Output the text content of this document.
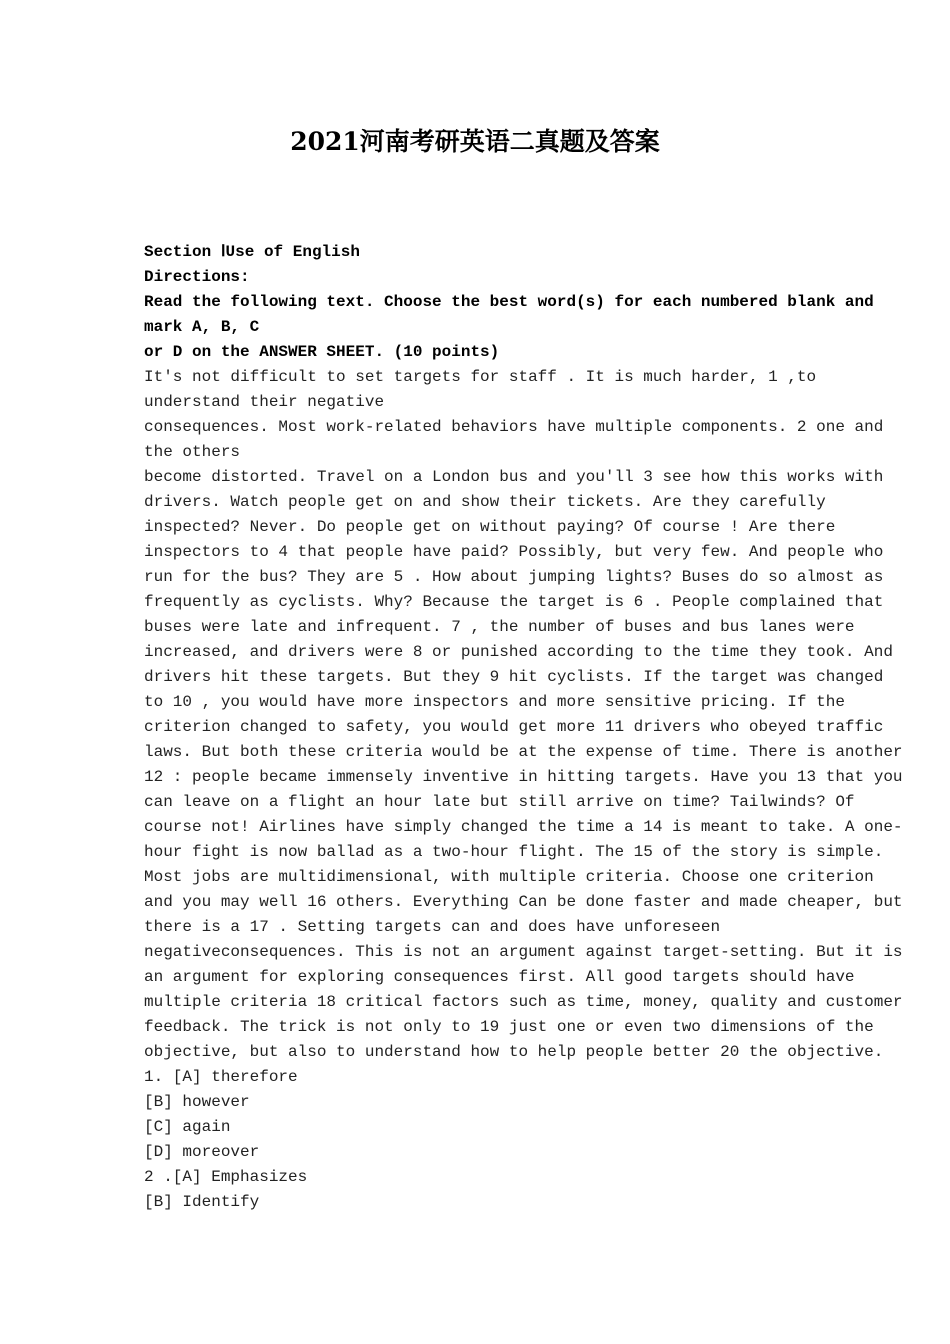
2021河南考研英语二真题及答案
Section ⅠUse of English
Directions:
Read the following text. Choose the best word(s) for each numbered blank and
mark A, B, C
or D on the ANSWER SHEET. (10 points)
It's not difficult to set targets for staff . It is much harder, 1 ,to
understand their negative
consequences. Most work-related behaviors have multiple components. 2 one and
the others
become distorted. Travel on a London bus and you'll 3 see how this works with
drivers. Watch people get on and show their tickets. Are they carefully
inspected? Never. Do people get on without paying? Of course ! Are there
inspectors to 4 that people have paid? Possibly, but very few. And people who
run for the bus? They are 5 . How about jumping lights? Buses do so almost as
frequently as cyclists. Why? Because the target is 6 . People complained that
buses were late and infrequent. 7 , the number of buses and bus lanes were
increased, and drivers were 8 or punished according to the time they took. And
drivers hit these targets. But they 9 hit cyclists. If the target was changed
to 10 , you would have more inspectors and more sensitive pricing. If the
criterion changed to safety, you would get more 11 drivers who obeyed traffic
laws. But both these criteria would be at the expense of time. There is another
12 : people became immensely inventive in hitting targets. Have you 13 that you
can leave on a flight an hour late but still arrive on time? Tailwinds? Of
course not! Airlines have simply changed the time a 14 is meant to take. A one-
hour fight is now ballad as a two-hour flight. The 15 of the story is simple.
Most jobs are multidimensional, with multiple criteria. Choose one criterion
and you may well 16 others. Everything Can be done faster and made cheaper, but
there is a 17 . Setting targets can and does have unforeseen
negativeconsequences. This is not an argument against target-setting. But it is
an argument for exploring consequences first. All good targets should have
multiple criteria 18 critical factors such as time, money, quality and customer
feedback. The trick is not only to 19 just one or even two dimensions of the
objective, but also to understand how to help people better 20 the objective.
1. [A] therefore
[B] however
[C] again
[D] moreover
2 .[A] Emphasizes
[B] Identify
